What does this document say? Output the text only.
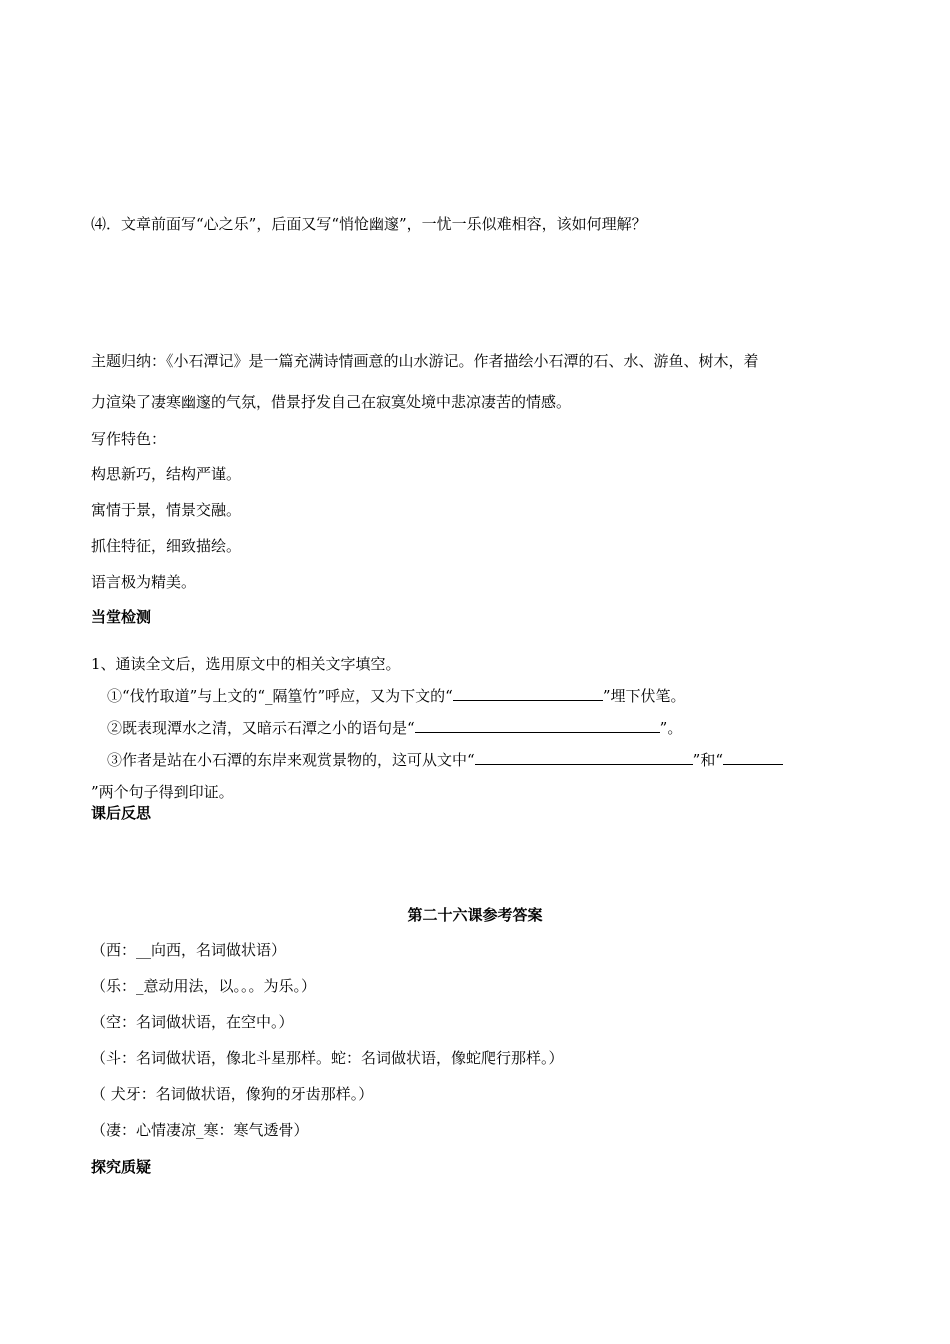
⑷．文章前面写“心之乐”，后面又写“悄怆幽邃”，一忧一乐似难相容，该如何理解？
主题归纳：《小石潭记》是一篇充满诗情画意的山水游记。作者描绘小石潭的石、水、游鱼、树木，着
力渲染了凄寒幽邃的气氛，借景抒发自己在寂寞处境中悲凉凄苦的情感。
写作特色：
构思新巧，结构严谨。
寓情于景，情景交融。
抓住特征，细致描绘。
语言极为精美。
当堂检测
1、通读全文后，选用原文中的相关文字填空。
①“伐竹取道”与上文的“_隔篁竹”呼应，又为下文的“	”埋下伏笔。
②既表现潭水之清，又暗示石潭之小的语句是“	”。
③作者是站在小石潭的东岸来观赏景物的，这可从文中“	”和“
”两个句子得到印证。
课后反思
第二十六课参考答案
（西：__向西，名词做状语）
（乐：_意动用法，以。。。为乐。）
（空：名词做状语，在空中。）
（斗：名词做状语，像北斗星那样。蛇：名词做状语，像蛇爬行那样。）
（ 犬牙：名词做状语，像狗的牙齿那样。）
（凄：心情凄凉_寒：寒气透骨）
探究质疑
